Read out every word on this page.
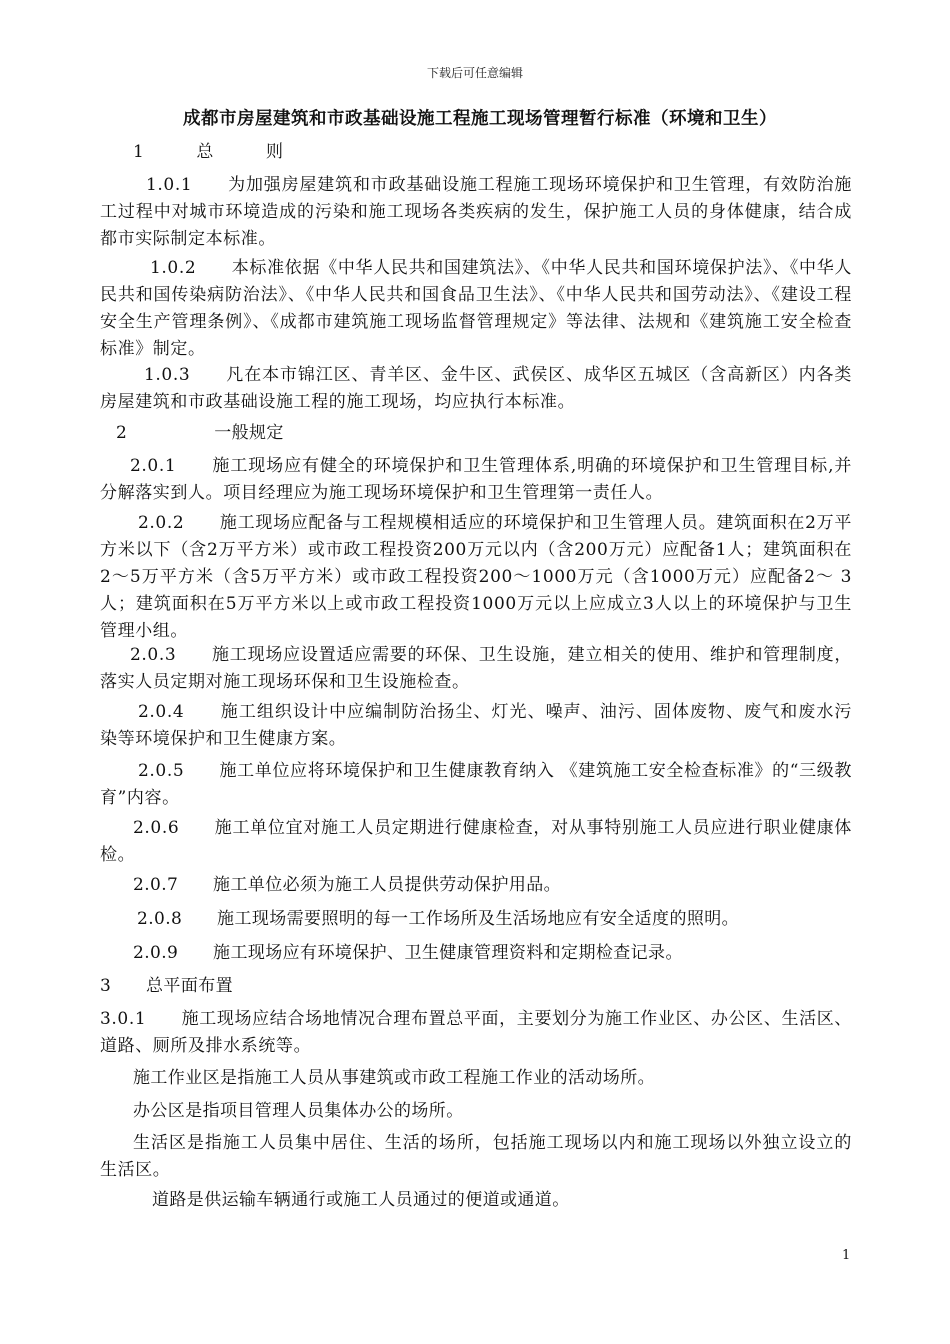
下载后可任意编辑
成都市房屋建筑和市政基础设施工程施工现场管理暂行标准（环境和卫生）
1　　　总　　　则
1.0.1　　为加强房屋建筑和市政基础设施工程施工现场环境保护和卫生管理，有效防治施工过程中对城市环境造成的污染和施工现场各类疾病的发生，保护施工人员的身体健康，结合成都市实际制定本标准。
1.0.2　　本标准依据《中华人民共和国建筑法》、《中华人民共和国环境保护法》、《中华人民共和国传染病防治法》、《中华人民共和国食品卫生法》、《中华人民共和国劳动法》、《建设工程安全生产管理条例》、《成都市建筑施工现场监督管理规定》等法律、法规和《建筑施工安全检查标准》制定。
1.0.3　　凡在本市锦江区、青羊区、金牛区、武侯区、成华区五城区（含高新区）内各类房屋建筑和市政基础设施工程的施工现场，均应执行本标准。
2　　　　　一般规定
2.0.1　　施工现场应有健全的环境保护和卫生管理体系,明确的环境保护和卫生管理目标,并分解落实到人。项目经理应为施工现场环境保护和卫生管理第一责任人。
2.0.2　　施工现场应配备与工程规模相适应的环境保护和卫生管理人员。建筑面积在2万平方米以下（含2万平方米）或市政工程投资200万元以内（含200万元）应配备1人；建筑面积在2～5万平方米（含5万平方米）或市政工程投资200～1000万元（含1000万元）应配备2～ 3人；建筑面积在5万平方米以上或市政工程投资1000万元以上应成立3人以上的环境保护与卫生管理小组。
2.0.3　　施工现场应设置适应需要的环保、卫生设施，建立相关的使用、维护和管理制度，落实人员定期对施工现场环保和卫生设施检查。
2.0.4　　施工组织设计中应编制防治扬尘、灯光、噪声、油污、固体废物、废气和废水污染等环境保护和卫生健康方案。
2.0.5　　施工单位应将环境保护和卫生健康教育纳入 《建筑施工安全检查标准》的“三级教育”内容。
2.0.6　　施工单位宜对施工人员定期进行健康检查，对从事特别施工人员应进行职业健康体检。
2.0.7　　施工单位必须为施工人员提供劳动保护用品。
2.0.8　　施工现场需要照明的每一工作场所及生活场地应有安全适度的照明。
2.0.9　　施工现场应有环境保护、卫生健康管理资料和定期检查记录。
3　　总平面布置
3.0.1　　施工现场应结合场地情况合理布置总平面，主要划分为施工作业区、办公区、生活区、道路、厕所及排水系统等。
施工作业区是指施工人员从事建筑或市政工程施工作业的活动场所。
办公区是指项目管理人员集体办公的场所。
生活区是指施工人员集中居住、生活的场所，包括施工现场以内和施工现场以外独立设立的生活区。
道路是供运输车辆通行或施工人员通过的便道或通道。
1
